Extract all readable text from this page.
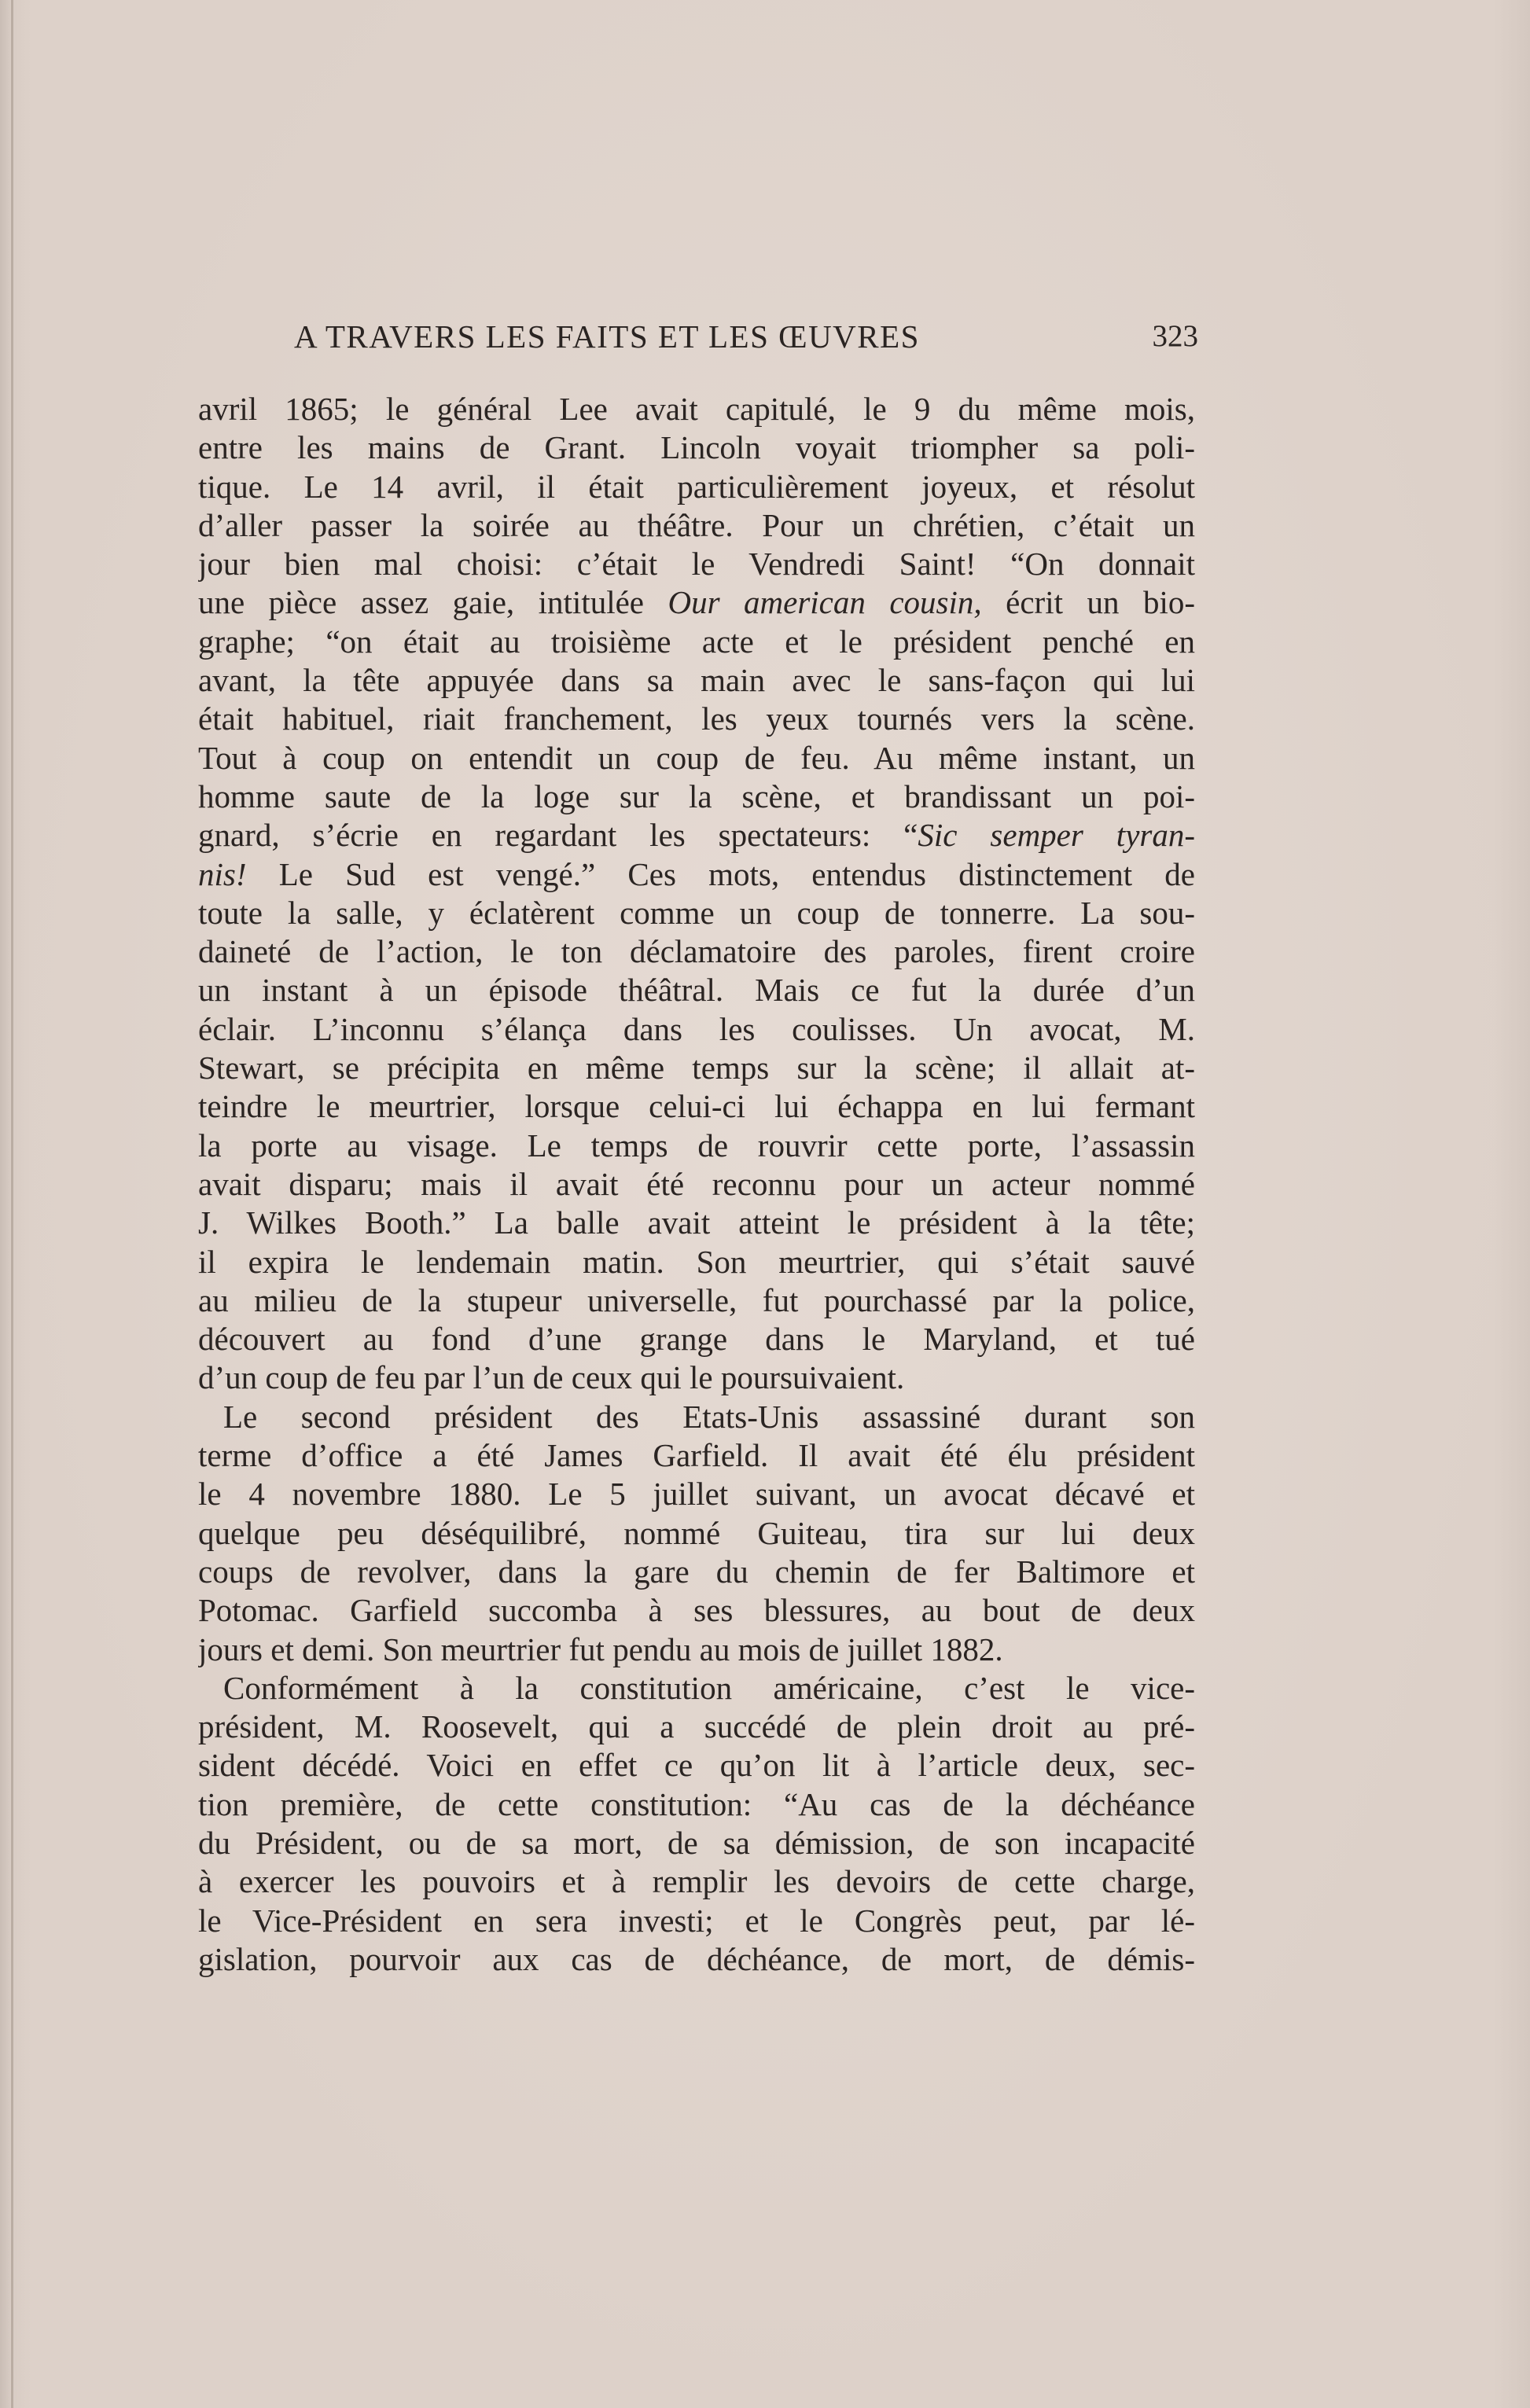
A TRAVERS LES FAITS ET LES ŒUVRES	323
avril 1865; le général Lee avait capitulé, le 9 du même mois,
entre les mains de Grant. Lincoln voyait triompher sa poli-
tique. Le 14 avril, il était particulièrement joyeux, et résolut
d’aller passer la soirée au théâtre. Pour un chrétien, c’était un
jour bien mal choisi: c’était le Vendredi Saint! “On donnait
une pièce assez gaie, intitulée Our american cousin, écrit un bio-
graphe; “on était au troisième acte et le président penché en
avant, la tête appuyée dans sa main avec le sans-façon qui lui
était habituel, riait franchement, les yeux tournés vers la scène.
Tout à coup on entendit un coup de feu. Au même instant, un
homme saute de la loge sur la scène, et brandissant un poi-
gnard, s’écrie en regardant les spectateurs: “Sic semper tyran-
nis! Le Sud est vengé.” Ces mots, entendus distinctement de
toute la salle, y éclatèrent comme un coup de tonnerre. La sou-
daineté de l’action, le ton déclamatoire des paroles, firent croire
un instant à un épisode théâtral. Mais ce fut la durée d’un
éclair. L’inconnu s’élança dans les coulisses. Un avocat, M.
Stewart, se précipita en même temps sur la scène; il allait at-
teindre le meurtrier, lorsque celui-ci lui échappa en lui fermant
la porte au visage. Le temps de rouvrir cette porte, l’assassin
avait disparu; mais il avait été reconnu pour un acteur nommé
J. Wilkes Booth.” La balle avait atteint le président à la tête;
il expira le lendemain matin. Son meurtrier, qui s’était sauvé
au milieu de la stupeur universelle, fut pourchassé par la police,
découvert au fond d’une grange dans le Maryland, et tué
d’un coup de feu par l’un de ceux qui le poursuivaient.
Le second président des Etats-Unis assassiné durant son
terme d’office a été James Garfield. Il avait été élu président
le 4 novembre 1880. Le 5 juillet suivant, un avocat décavé et
quelque peu déséquilibré, nommé Guiteau, tira sur lui deux
coups de revolver, dans la gare du chemin de fer Baltimore et
Potomac. Garfield succomba à ses blessures, au bout de deux
jours et demi. Son meurtrier fut pendu au mois de juillet 1882.
Conformément à la constitution américaine, c’est le vice-
président, M. Roosevelt, qui a succédé de plein droit au pré-
sident décédé. Voici en effet ce qu’on lit à l’article deux, sec-
tion première, de cette constitution: “Au cas de la déchéance
du Président, ou de sa mort, de sa démission, de son incapacité
à exercer les pouvoirs et à remplir les devoirs de cette charge,
le Vice-Président en sera investi; et le Congrès peut, par lé-
gislation, pourvoir aux cas de déchéance, de mort, de démis-
